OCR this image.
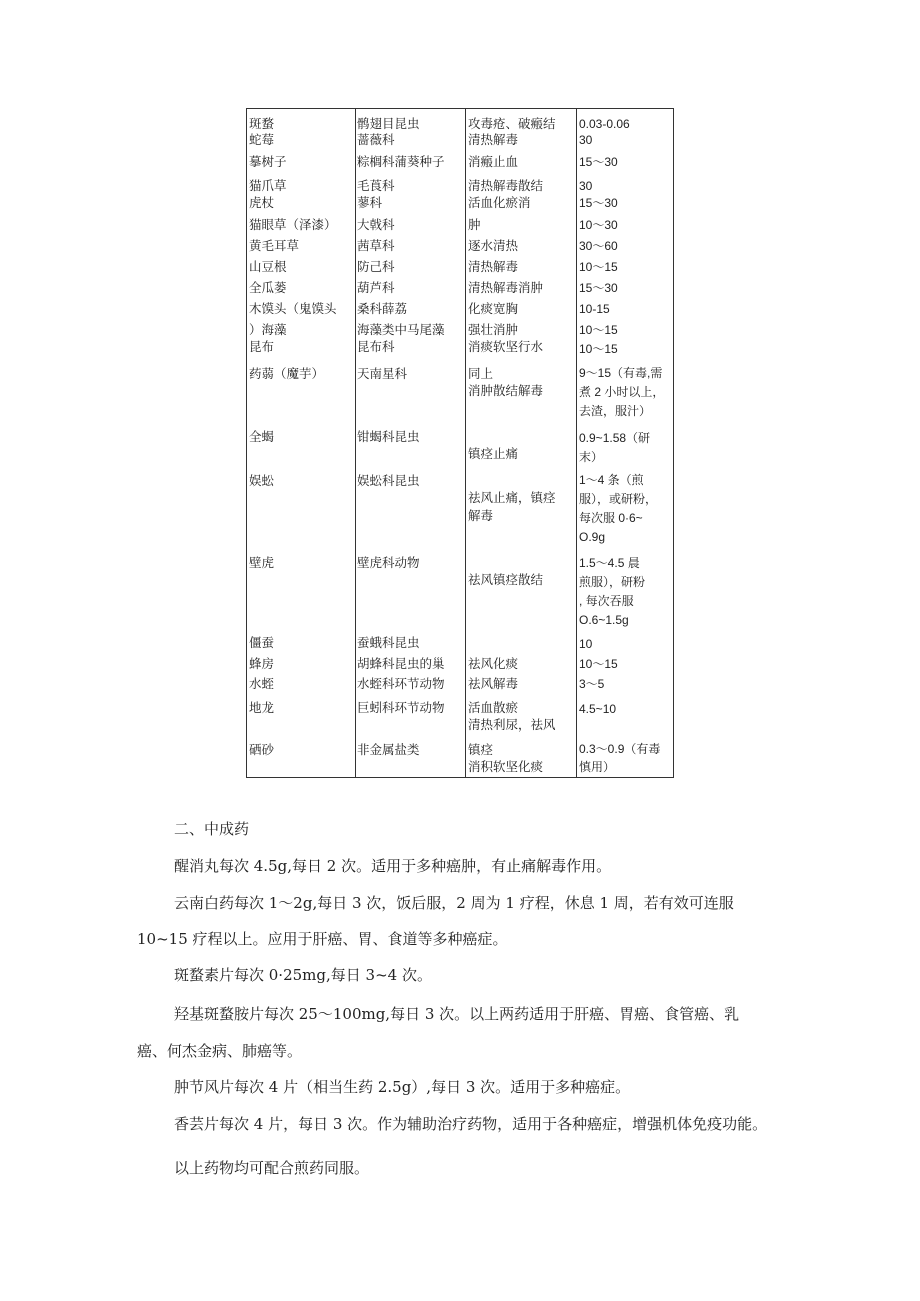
斑蝥
蛇莓
摹树子
猫爪草
虎杖
猫眼草（泽漆）
黄毛耳草
山豆根
全瓜蒌
木馍头（鬼馍头
）海藻
昆布
药蒻（魔芋）
全蝎
娱蚣
壁虎
僵蚕
蜂房
水蛭
地龙
硒砂
鹘翅目昆虫
蔷薇科
粽榈科蒲葵种子
毛莨科
蓼科
大戟科
茜草科
防己科
葫芦科
桑科薛荔
海藻类中马尾藻
昆布科
天南星科
钳蝎科昆虫
娱蚣科昆虫
壁虎科动物
蚕蛾科昆虫
胡蜂科昆虫的巢
水蛭科环节动物
巨蚓科环节动物
非金属盐类
攻毒疮、破瘢结
清热解毒
消瘢止血
清热解毒散结
活血化瘀消
肿
逐水清热
清热解毒
清热解毒消肿
化痰宽胸
强壮消肿
消痰软坚行水
同上
消肿散结解毒
镇痉止痛
祛风止痛，镇痉
解毒
祛风镇痉散结
祛风化痰
祛风解毒
活血散瘀
清热利尿，祛风
镇痉
消积软坚化痰
0.03-0.06
30
15～30
30
15～30
10～30
30～60
10～15
15～30
10-15
10～15
10～15
9～15（有毒,需
煮 2 小时以上，
去渣，服汁）
0.9~1.58（研
末）
1～4 条（煎
服），或研粉，
每次服 0·6~
O.9g
1.5～4.5 晨
煎服），研粉
, 每次吞服
O.6~1.5g
10
10～15
3～5
4.5~10
0.3～0.9（有毒
慎用）
二、中成药
醒消丸每次 4.5g,每日 2 次。适用于多种癌肿，有止痛解毒作用。
云南白药每次 1～2g,每日 3 次，饭后服，2 周为 1 疗程，休息 1 周，若有效可连服
10~15 疗程以上。应用于肝癌、胃、食道等多种癌症。
斑蝥素片每次 0·25mg,每日 3~4 次。
羟基斑蝥胺片每次 25～100mg,每日 3 次。以上两药适用于肝癌、胃癌、食管癌、乳
癌、何杰金病、肺癌等。
肿节风片每次 4 片（相当生药 2.5g）,每日 3 次。适用于多种癌症。
香芸片每次 4 片，每日 3 次。作为辅助治疗药物，适用于各种癌症，增强机体免疫功能。
以上药物均可配合煎药同服。
